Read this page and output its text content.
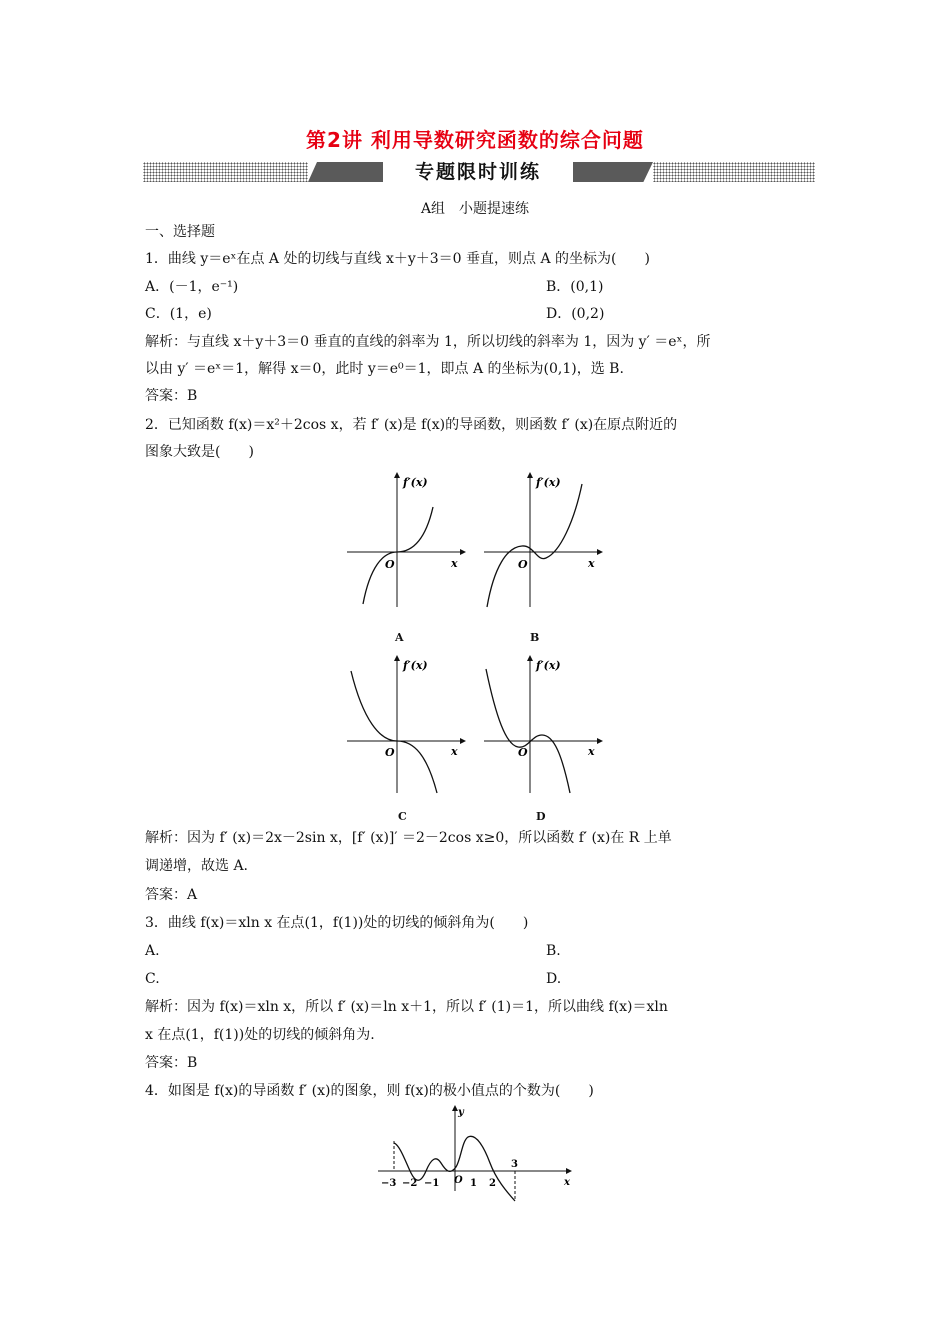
第2讲 利用导数研究函数的综合问题
专题限时训练
A组　小题提速练
一、选择题
1．曲线 y＝eˣ在点 A 处的切线与直线 x＋y＋3＝0 垂直，则点 A 的坐标为(　　)
A．(－1，e⁻¹)	B．(0,1)
C．(1，e)	D．(0,2)
解析：与直线 x＋y＋3＝0 垂直的直线的斜率为 1，所以切线的斜率为 1，因为 y′ ＝eˣ，所
以由 y′ ＝eˣ＝1，解得 x＝0，此时 y＝e⁰＝1，即点 A 的坐标为(0,1)，选 B.
答案：B
2．已知函数 f(x)＝x²＋2cos x，若 f′ (x)是 f(x)的导函数，则函数 f′ (x)在原点附近的
图象大致是(　　)
f′(x)
O	x
A
f′(x)
O	x
B
f′(x)
O	x
C
f′(x)
O	x
D
解析：因为 f′ (x)＝2x－2sin x，[f′ (x)]′ ＝2－2cos x≥0，所以函数 f′ (x)在 R 上单
调递增，故选 A.
答案：A
3．曲线 f(x)＝xln x 在点(1，f(1))处的切线的倾斜角为(　　)
A.	B.
C.	D.
解析：因为 f(x)＝xln x，所以 f′ (x)＝ln x＋1，所以 f′ (1)＝1，所以曲线 f(x)＝xln
x 在点(1，f(1))处的切线的倾斜角为.
答案：B
4．如图是 f(x)的导函数 f′ (x)的图象，则 f(x)的极小值点的个数为(　　)
y
x
O
−3 −2 −1	1 2
3
